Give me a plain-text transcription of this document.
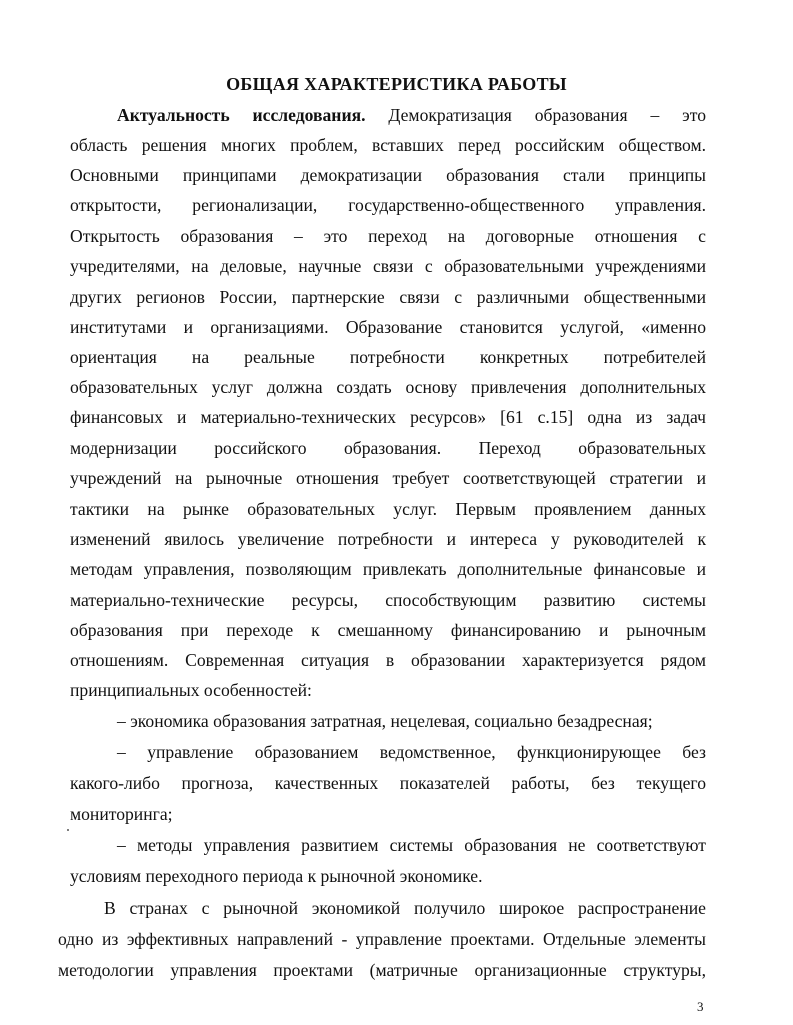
ОБЩАЯ ХАРАКТЕРИСТИКА РАБОТЫ
Актуальность исследования. Демократизация образования – это
область решения многих проблем, вставших перед российским обществом.
Основными принципами демократизации образования стали принципы
открытости, регионализации, государственно-общественного управления.
Открытость образования – это переход на договорные отношения с
учредителями, на деловые, научные связи с образовательными учреждениями
других регионов России, партнерские связи с различными общественными
институтами и организациями. Образование становится услугой, «именно
ориентация на реальные потребности конкретных потребителей
образовательных услуг должна создать основу привлечения дополнительных
финансовых и материально-технических ресурсов» [61 с.15] одна из задач
модернизации российского образования. Переход образовательных
учреждений на рыночные отношения требует соответствующей стратегии и
тактики на рынке образовательных услуг. Первым проявлением данных
изменений явилось увеличение потребности и интереса у руководителей к
методам управления, позволяющим привлекать дополнительные финансовые и
материально-технические ресурсы, способствующим развитию системы
образования при переходе к смешанному финансированию и рыночным
отношениям. Современная ситуация в образовании характеризуется рядом
принципиальных особенностей:
– экономика образования затратная, нецелевая, социально безадресная;
– управление образованием ведомственное, функционирующее без
какого-либо прогноза, качественных показателей работы, без текущего
мониторинга;
– методы управления развитием системы образования не соответствуют
условиям переходного периода к рыночной экономике.
В странах с рыночной экономикой получило широкое распространение
одно из эффективных направлений - управление проектами. Отдельные элементы
методологии управления проектами (матричные организационные структуры,
3
